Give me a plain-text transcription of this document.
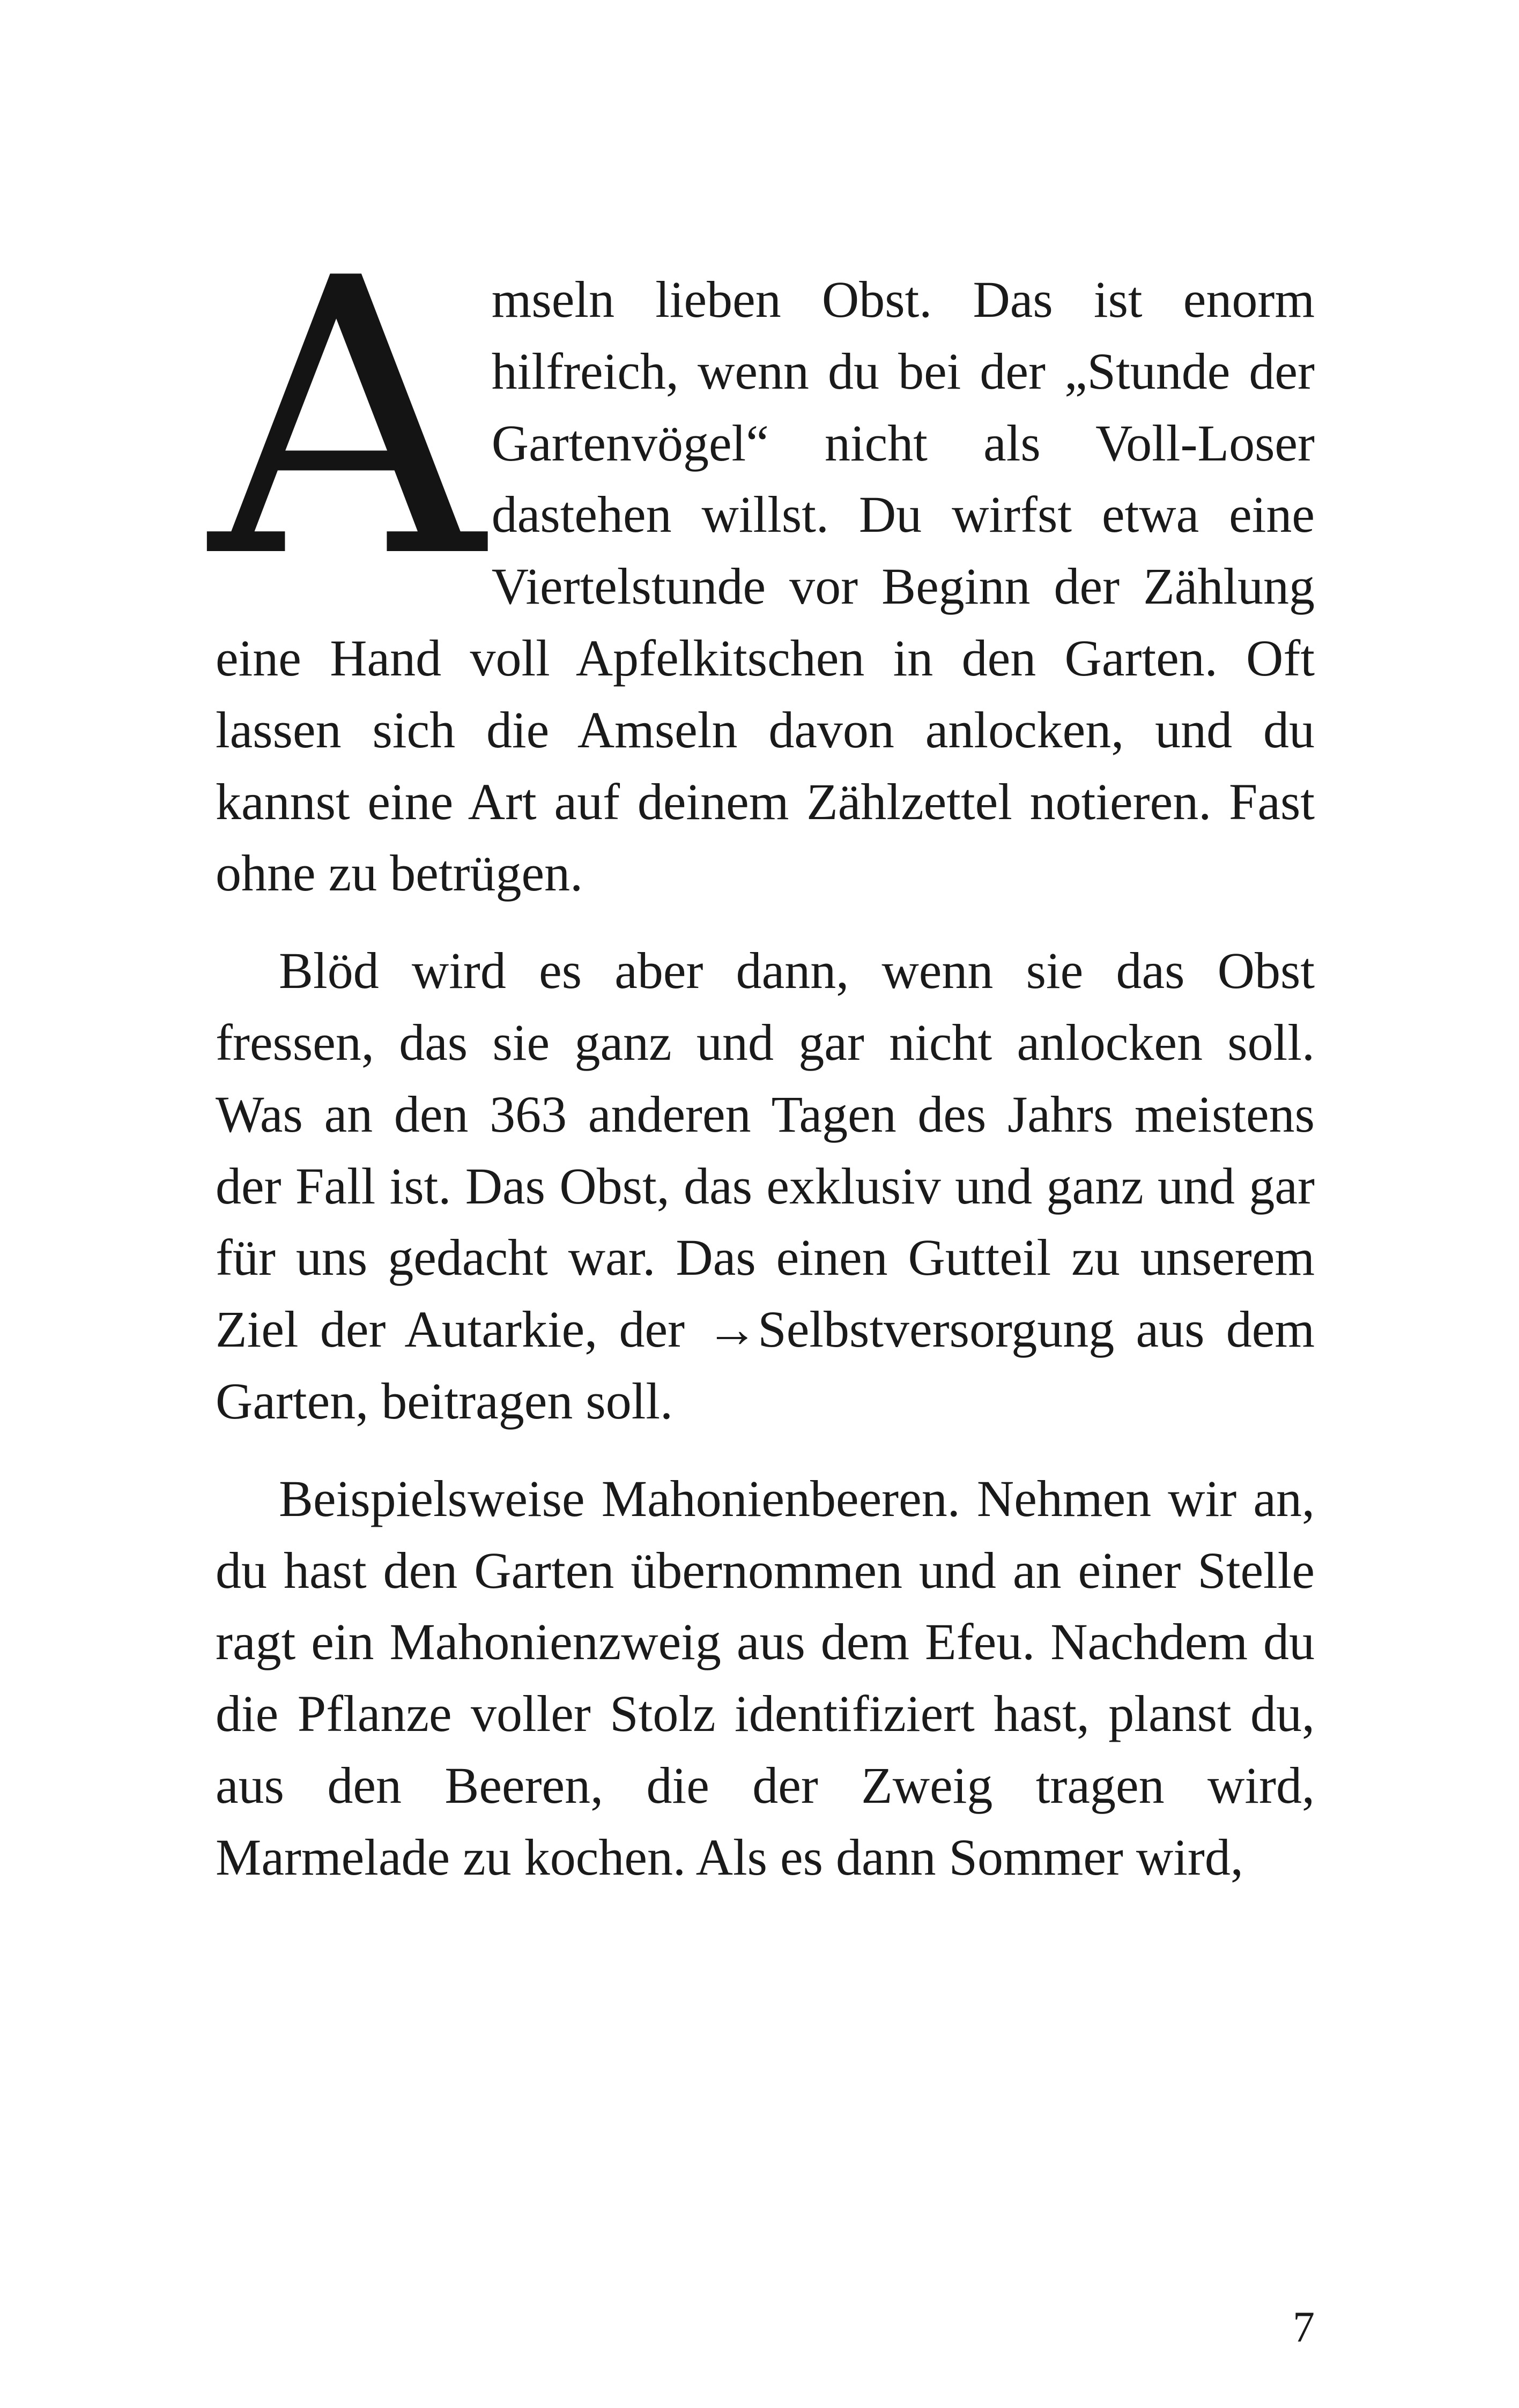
Amseln lieben Obst. Das ist enorm hilfreich, wenn du bei der „Stunde der Gartenvögel“ nicht als Voll-Loser dastehen willst. Du wirfst etwa eine Viertelstunde vor Beginn der Zählung eine Hand voll Apfelkitschen in den Garten. Oft lassen sich die Amseln davon anlocken, und du kannst eine Art auf deinem Zählzettel notieren. Fast ohne zu betrügen.

Blöd wird es aber dann, wenn sie das Obst fressen, das sie ganz und gar nicht anlocken soll. Was an den 363 anderen Tagen des Jahrs meistens der Fall ist. Das Obst, das exklusiv und ganz und gar für uns gedacht war. Das einen Gutteil zu unserem Ziel der Autarkie, der →Selbstversorgung aus dem Garten, beitragen soll.

Beispielsweise Mahonienbeeren. Nehmen wir an, du hast den Garten übernommen und an einer Stelle ragt ein Mahonienzweig aus dem Efeu. Nachdem du die Pflanze voller Stolz identifiziert hast, planst du, aus den Beeren, die der Zweig tragen wird, Marmelade zu kochen. Als es dann Sommer wird,

7
